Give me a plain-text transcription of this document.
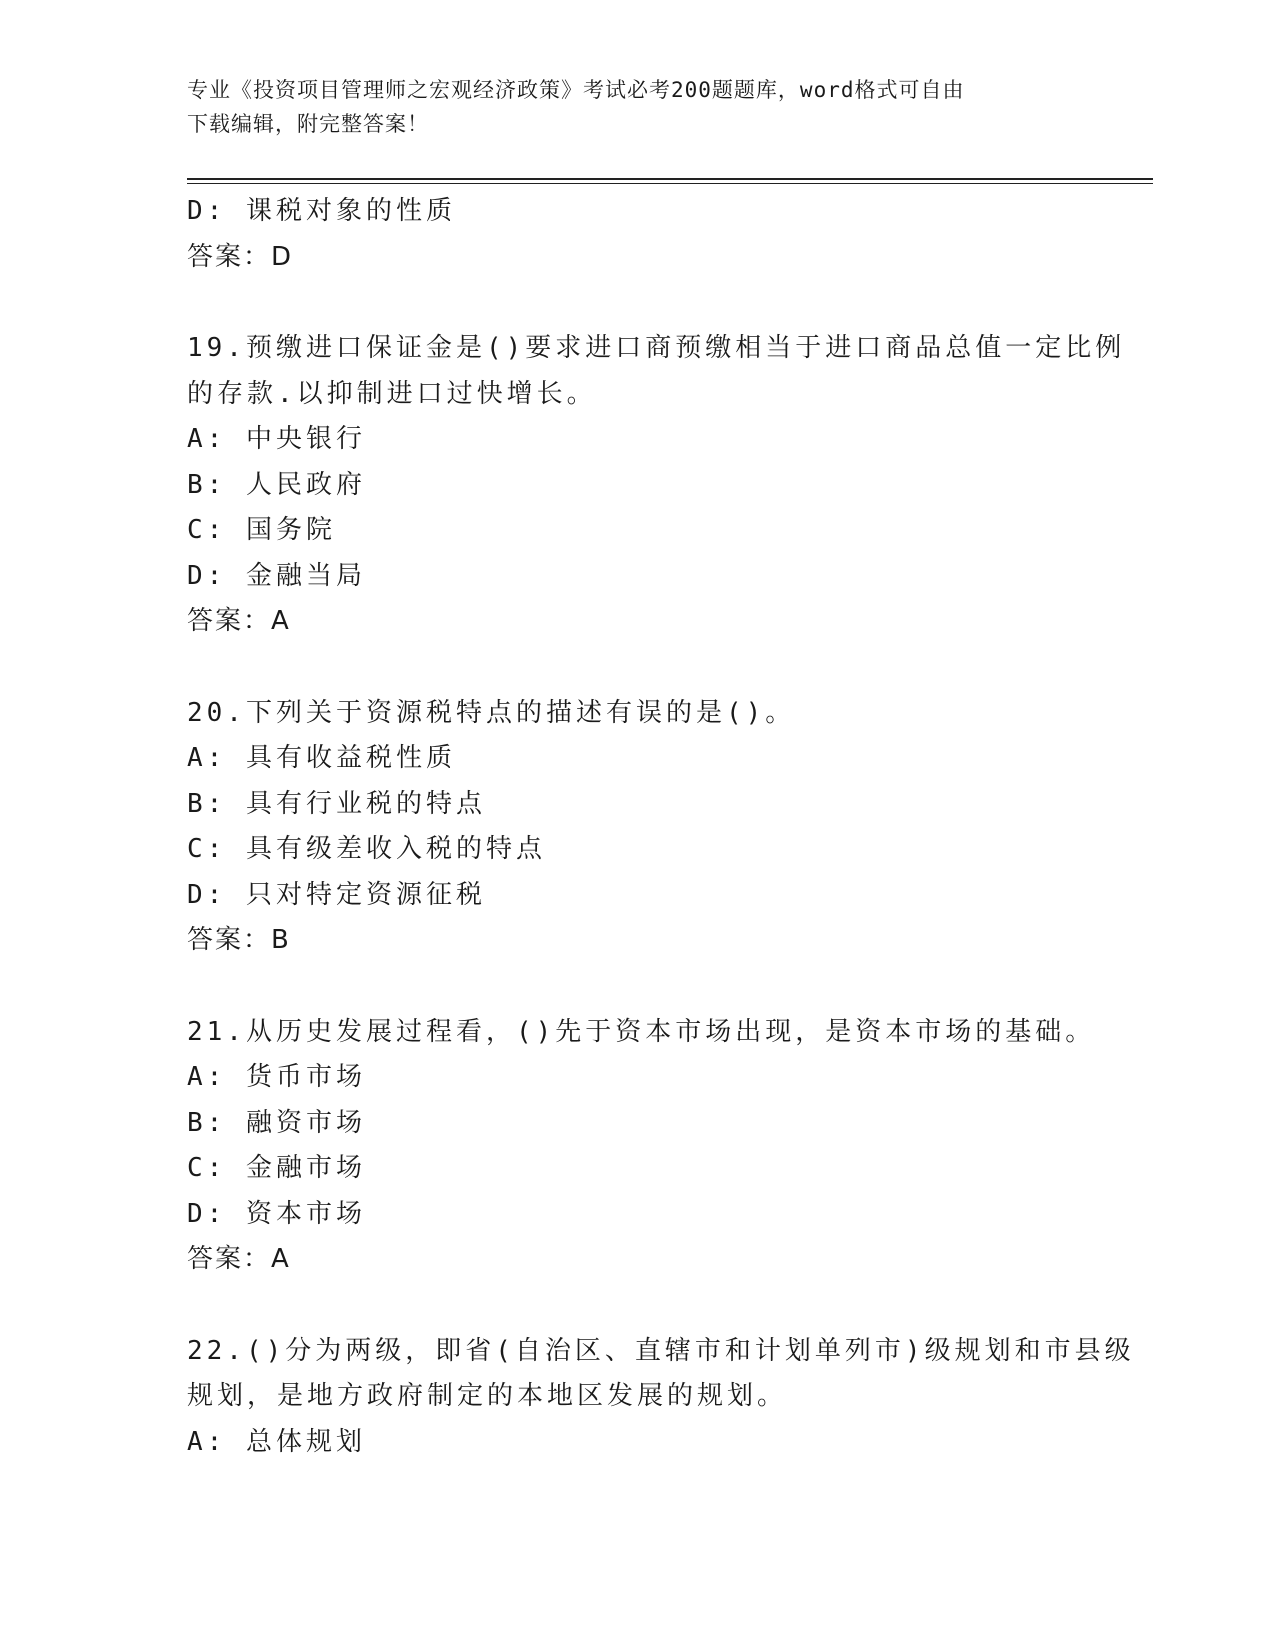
专业《投资项目管理师之宏观经济政策》考试必考200题题库，word格式可自由
下载编辑，附完整答案！
D: 课税对象的性质
答案：D
19.预缴进口保证金是()要求进口商预缴相当于进口商品总值一定比例
的存款.以抑制进口过快增长。
A: 中央银行
B: 人民政府
C: 国务院
D: 金融当局
答案：A
20.下列关于资源税特点的描述有误的是()。
A: 具有收益税性质
B: 具有行业税的特点
C: 具有级差收入税的特点
D: 只对特定资源征税
答案：B
21.从历史发展过程看，()先于资本市场出现，是资本市场的基础。
A: 货币市场
B: 融资市场
C: 金融市场
D: 资本市场
答案：A
22.()分为两级，即省(自治区、直辖市和计划单列市)级规划和市县级
规划，是地方政府制定的本地区发展的规划。
A: 总体规划
